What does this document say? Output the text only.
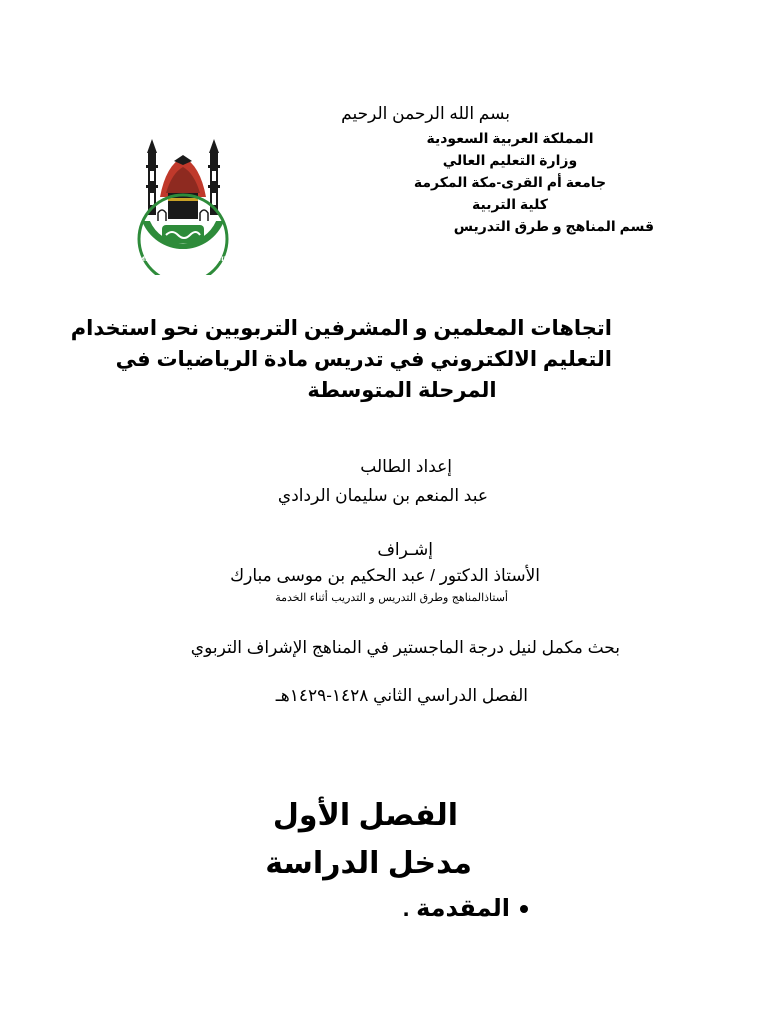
بسم الله الرحمن الرحيم
المملكة العربية السعودية
وزارة التعليم العالي
جامعة أم القرى-مكة المكرمة
كلية التربية
قسم المناهج و طرق التدريس
UMM AL-QURA UNIVERSITY
اتجاهات المعلمين و المشرفين التربويين نحو استخدام
التعليم الالكتروني في تدريس مادة الرياضيات في
المرحلة المتوسطة
إعداد الطالب
عبد المنعم بن سليمان الردادي
إشـراف
الأستاذ الدكتور / عبد الحكيم بن موسى مبارك
أستاذالمناهج وطرق التدريس و التدريب أثناء الخدمة
بحث مكمل لنيل درجة الماجستير في المناهج الإشراف التربوي
الفصل الدراسي الثاني ١٤٢٨-١٤٢٩هـ
الفصل الأول
مدخل الدراسة
المقدمة .
